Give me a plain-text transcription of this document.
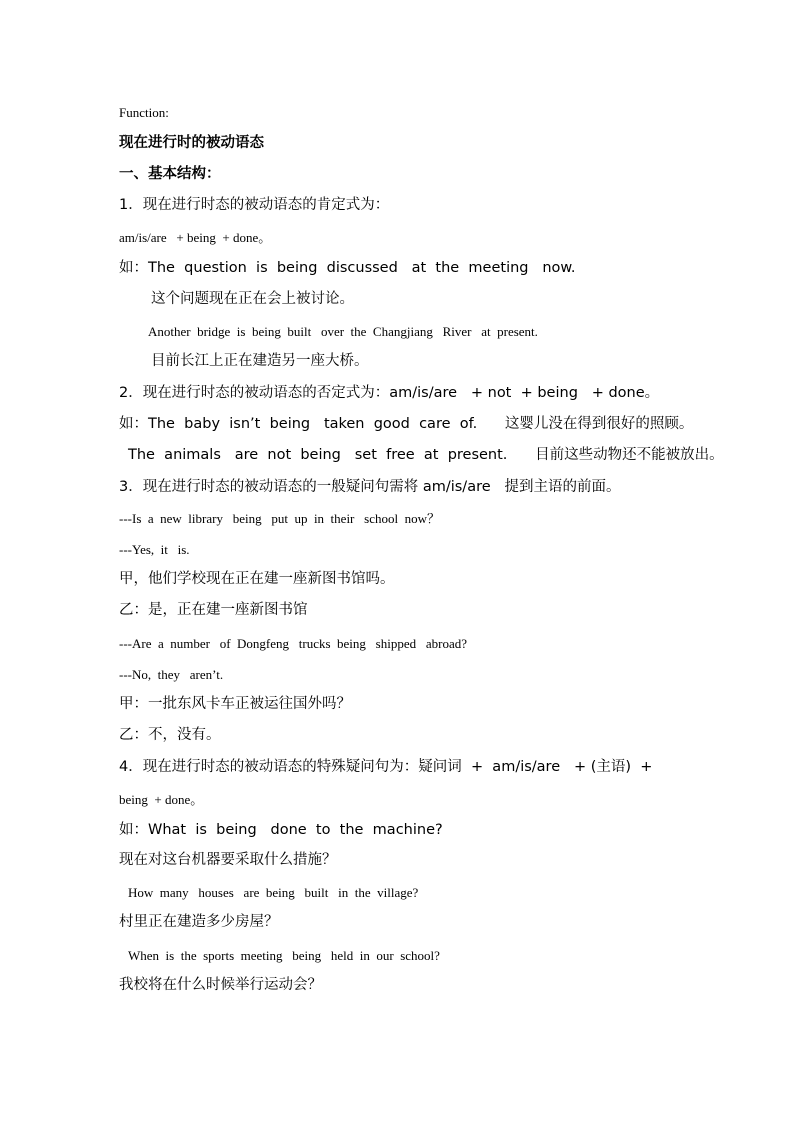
Function:
现在进行时的被动语态
一、基本结构：
1．现在进行时态的被动语态的肯定式为：
am/is/are   + being  + done。
如：The  question  is  being  discussed   at  the  meeting   now.
这个问题现在正在会上被讨论。
Another  bridge  is  being  built   over  the  Changjiang   River   at  present.
目前长江上正在建造另一座大桥。
2．现在进行时态的被动语态的否定式为：am/is/are   + not  + being   + done。
如：The  baby  isn’t  being   taken  good  care  of.      这婴儿没在得到很好的照顾。
The  animals   are  not  being   set  free  at  present.      目前这些动物还不能被放出。
3．现在进行时态的被动语态的一般疑问句需将 am/is/are   提到主语的前面。
---Is  a  new  library   being   put  up  in  their   school  now？
---Yes,  it   is.
甲，他们学校现在正在建一座新图书馆吗。
乙：是，正在建一座新图书馆
---Are  a  number   of  Dongfeng   trucks  being   shipped   abroad?
---No,  they   aren’t.
甲：一批东风卡车正被运往国外吗？
乙：不，没有。
4．现在进行时态的被动语态的特殊疑问句为：疑问词  +  am/is/are   + (主语)  +
being  + done。
如：What  is  being   done  to  the  machine?
现在对这台机器要采取什么措施？
How  many   houses   are  being   built   in  the  village?
村里正在建造多少房屋？
When  is  the  sports  meeting   being   held  in  our  school?
我校将在什么时候举行运动会？
